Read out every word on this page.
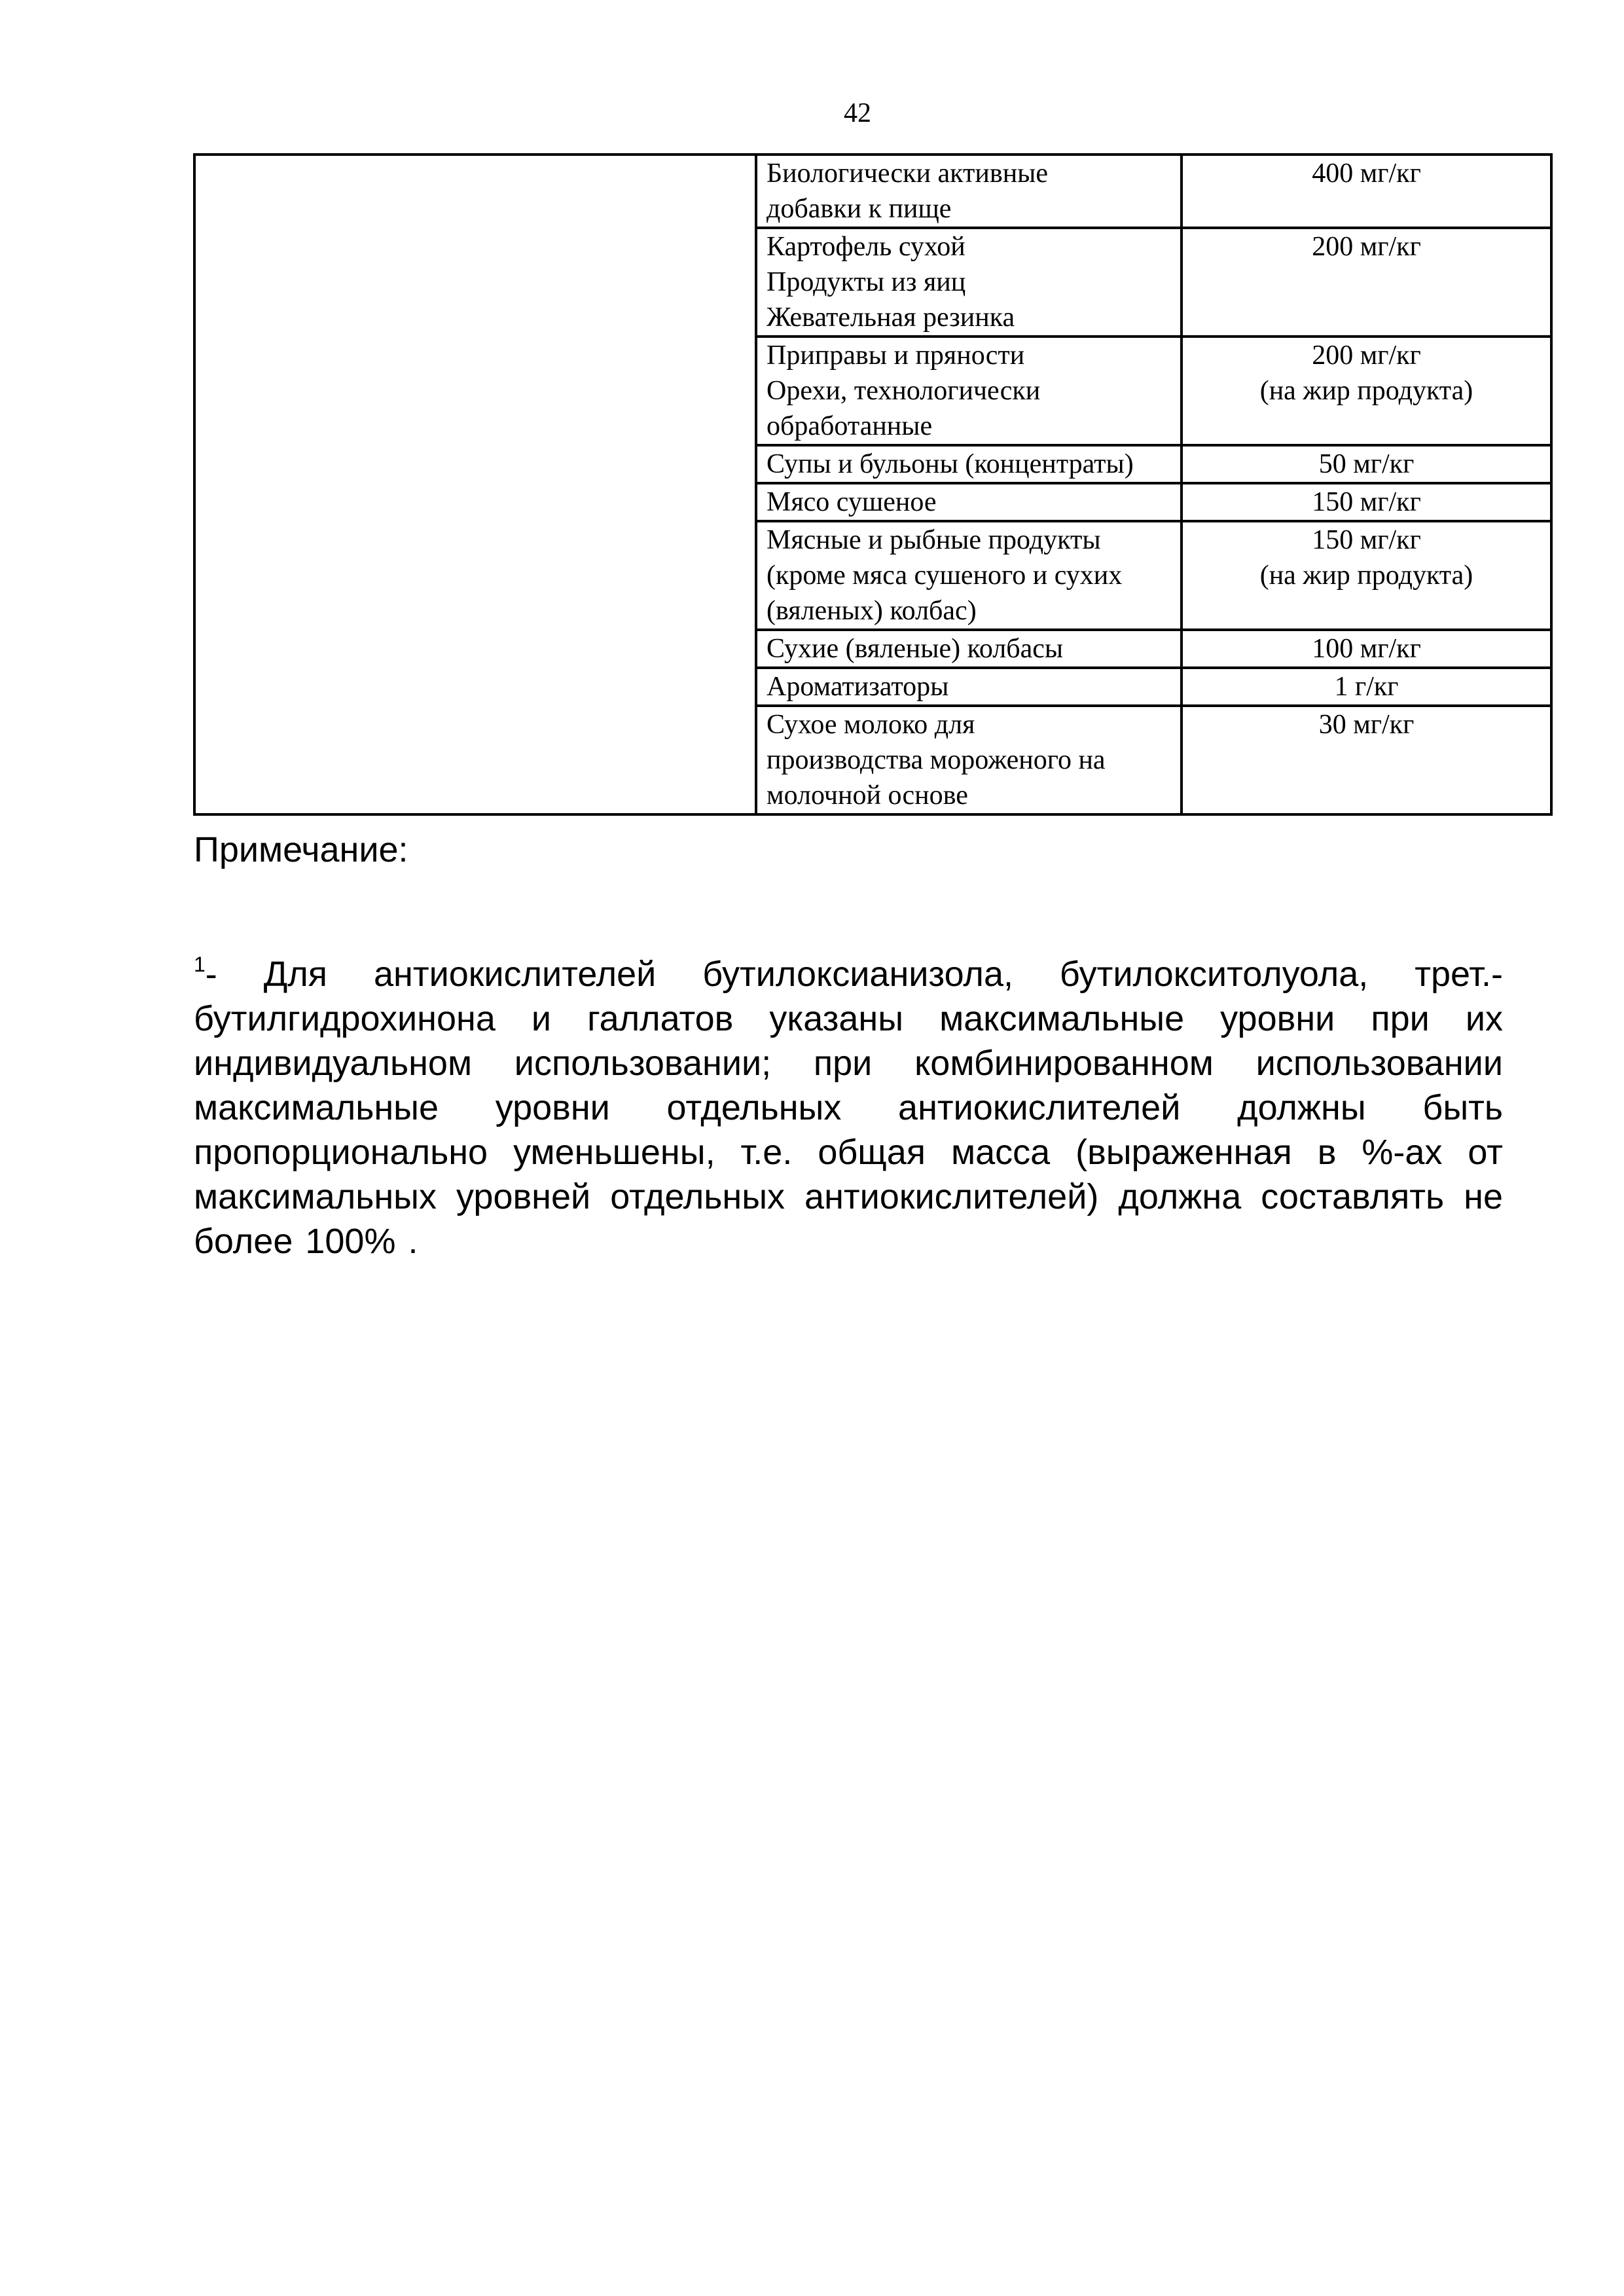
42
	Биологически активные
добавки к пище	400 мг/кг
	Картофель сухой
Продукты из яиц
Жевательная резинка	200 мг/кг
	Приправы и пряности
Орехи, технологически
обработанные	200 мг/кг
(на жир продукта)
	Супы и бульоны (концентраты)	50 мг/кг
	Мясо сушеное	150 мг/кг
	Мясные и рыбные продукты
(кроме мяса сушеного и сухих
(вяленых) колбас)	150 мг/кг
(на жир продукта)
	Сухие (вяленые) колбасы	100 мг/кг
	Ароматизаторы	1 г/кг
	Сухое молоко для
производства мороженого на
молочной основе	30 мг/кг
Примечание:

$^1$- Для антиокислителей бутилоксианизола, бутилокситолуола, трет.-бутилгидрохинона и галлатов указаны максимальные уровни при их индивидуальном использовании; при комбинированном использовании максимальные уровни отдельных антиокислителей должны быть пропорционально уменьшены, т.е. общая масса (выраженная в %-ах от максимальных уровней отдельных антиокислителей) должна составлять не более 100% .
